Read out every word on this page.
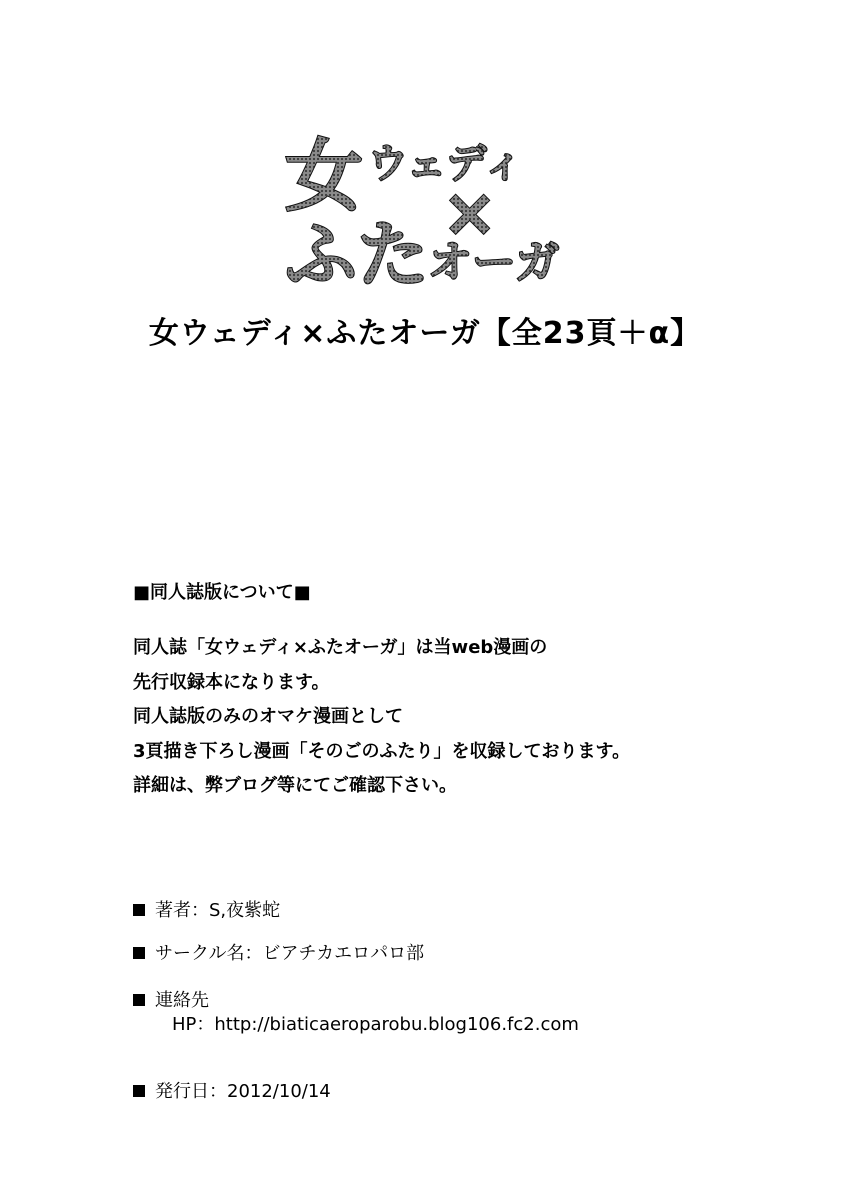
女 ウェディ
×
ふた
オーガ
女ウェディ×ふたオーガ【全23頁＋α】
■同人誌版について■
同人誌「女ウェディ×ふたオーガ」は当web漫画の
先行収録本になります。
同人誌版のみのオマケ漫画として
3頁描き下ろし漫画「そのごのふたり」を収録しております。
詳細は、弊ブログ等にてご確認下さい。
著者：S,夜紫蛇
サークル名：ビアチカエロパロ部
連絡先
HP：http://biaticaeroparobu.blog106.fc2.com
発行日：2012/10/14
